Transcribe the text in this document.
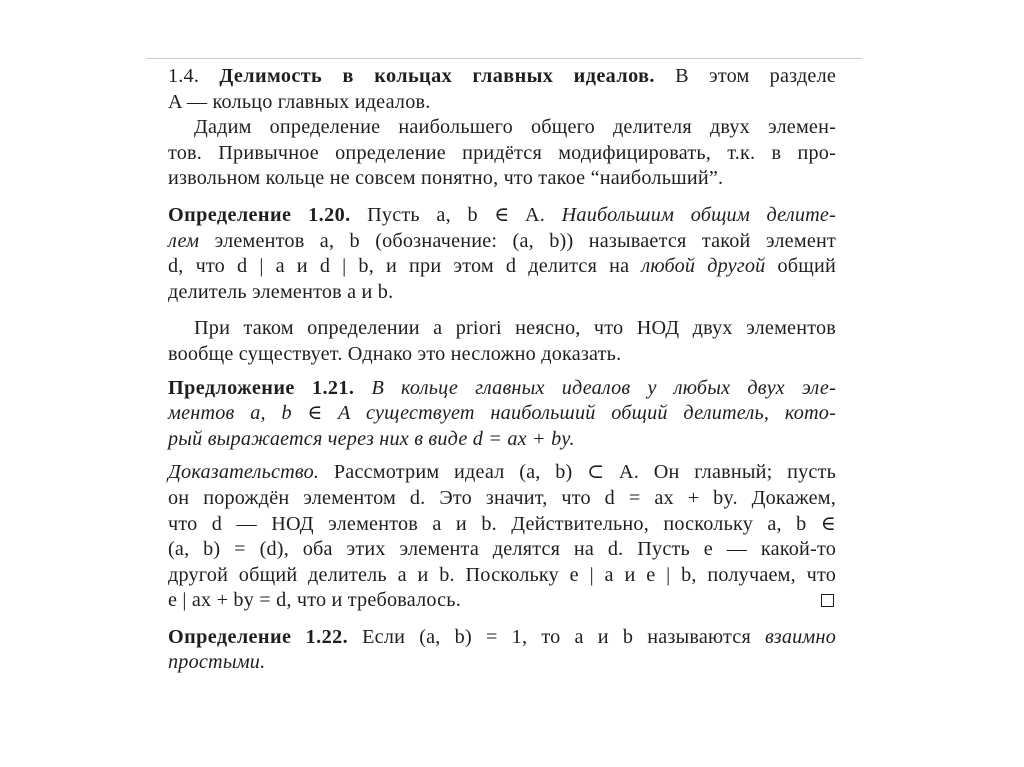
1.4. Делимость в кольцах главных идеалов. В этом разделе
A — кольцо главных идеалов.
Дадим определение наибольшего общего делителя двух элемен-
тов. Привычное определение придётся модифицировать, т.к. в про-
извольном кольце не совсем понятно, что такое “наибольший”.
Определение 1.20. Пусть a, b ∈ A. Наибольшим общим делите-
лем элементов a, b (обозначение: (a, b)) называется такой элемент
d, что d | a и d | b, и при этом d делится на любой другой общий
делитель элементов a и b.
При таком определении a priori неясно, что НОД двух элементов
вообще существует. Однако это несложно доказать.
Предложение 1.21. В кольце главных идеалов у любых двух эле-
ментов a, b ∈ A существует наибольший общий делитель, кото-
рый выражается через них в виде d = ax + by.
Доказательство. Рассмотрим идеал (a, b) ⊂ A. Он главный; пусть
он порождён элементом d. Это значит, что d = ax + by. Докажем,
что d — НОД элементов a и b. Действительно, поскольку a, b ∈
(a, b) = (d), оба этих элемента делятся на d. Пусть e — какой-то
другой общий делитель a и b. Поскольку e | a и e | b, получаем, что
e | ax + by = d, что и требовалось.
Определение 1.22. Если (a, b) = 1, то a и b называются взаимно
простыми.
